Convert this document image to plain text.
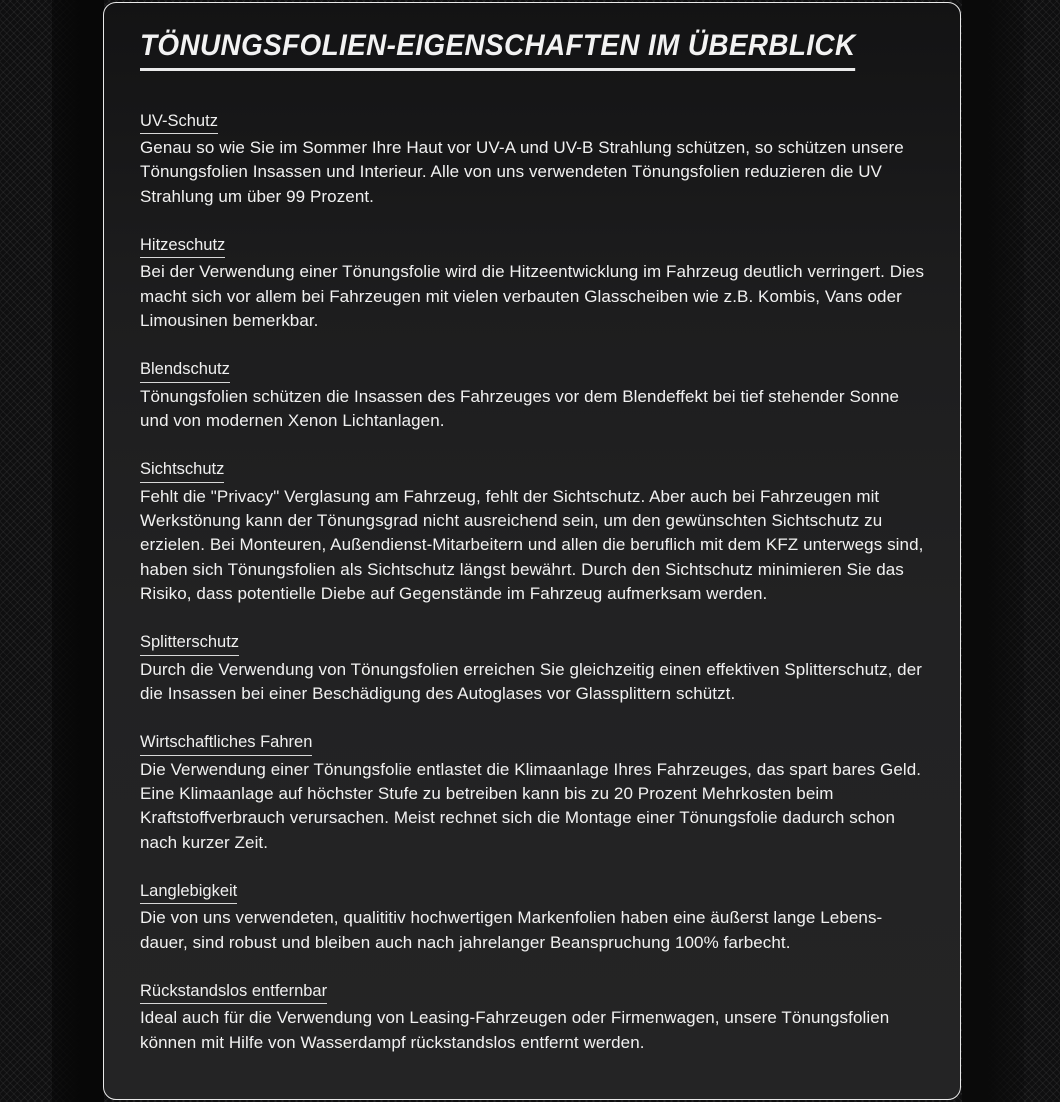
TÖNUNGSFOLIEN-EIGENSCHAFTEN IM ÜBERBLICK
UV-Schutz

Genau so wie Sie im Sommer Ihre Haut vor UV-A und UV-B Strahlung schützen, so schützen unsere Tönungsfolien Insassen und Interieur. Alle von uns verwendeten Tönungsfolien reduzieren die UV Strahlung um über 99 Prozent.

Hitzeschutz

Bei der Verwendung einer Tönungsfolie wird die Hitzeentwicklung im Fahrzeug deutlich verringert. Dies macht sich vor allem bei Fahrzeugen mit vielen verbauten Glasscheiben wie z.B. Kombis, Vans oder Limousinen bemerkbar.

Blendschutz

Tönungsfolien schützen die Insassen des Fahrzeuges vor dem Blendeffekt bei tief stehender Sonne und von modernen Xenon Lichtanlagen.

Sichtschutz

Fehlt die "Privacy" Verglasung am Fahrzeug, fehlt der Sichtschutz. Aber auch bei Fahrzeugen mit Werkstönung kann der Tönungsgrad nicht ausreichend sein, um den gewünschten Sichtschutz zu erzielen. Bei Monteuren, Außendienst-Mitarbeitern und allen die beruflich mit dem KFZ unterwegs sind, haben sich Tönungsfolien als Sichtschutz längst bewährt. Durch den Sichtschutz minimieren Sie das Risiko, dass potentielle Diebe auf Gegenstände im Fahrzeug aufmerksam werden.

Splitterschutz

Durch die Verwendung von Tönungsfolien erreichen Sie gleichzeitig einen effektiven Splitterschutz, der die Insassen bei einer Beschädigung des Autoglases vor Glassplittern schützt.

Wirtschaftliches Fahren

Die Verwendung einer Tönungsfolie entlastet die Klimaanlage Ihres Fahrzeuges, das spart bares Geld. Eine Klimaanlage auf höchster Stufe zu betreiben kann bis zu 20 Prozent Mehrkosten beim Kraftstoffverbrauch verursachen. Meist rechnet sich die Montage einer Tönungsfolie dadurch schon nach kurzer Zeit.

Langlebigkeit

Die von uns verwendeten, qualititiv hochwertigen Markenfolien haben eine äußerst lange Lebens-dauer, sind robust und bleiben auch nach jahrelanger Beanspruchung 100% farbecht.

Rückstandslos entfernbar

Ideal auch für die Verwendung von Leasing-Fahrzeugen oder Firmenwagen, unsere Tönungsfolien können mit Hilfe von Wasserdampf rückstandslos entfernt werden.
